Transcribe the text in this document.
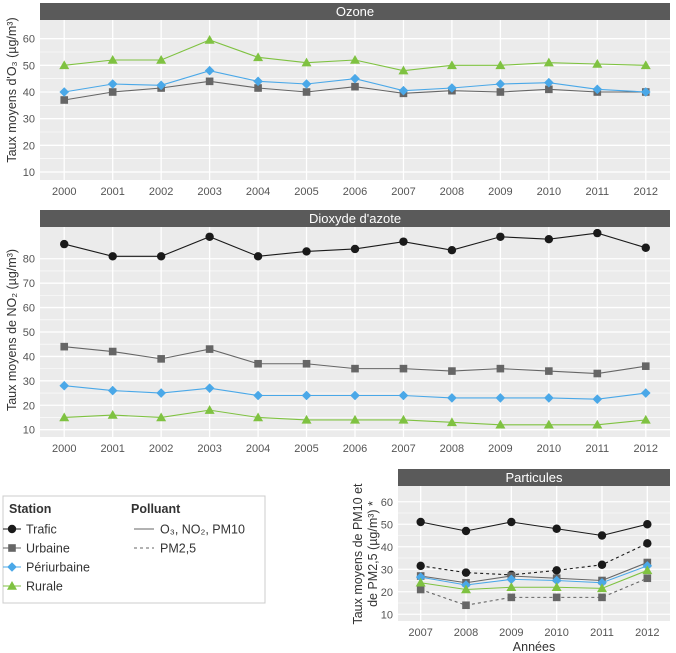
Ozone
10
20
30
40
50
60
2000 2001 2002 2003 2004 2005 2006 2007 2008 2009 2010 2011 2012
Taux moyens d'O₃ (µg/m³)
Dioxyde d'azote
10
20
30
40
50
60
70
80
2000 2001 2002 2003 2004 2005 2006 2007 2008 2009 2010 2011 2012
Taux moyens de NO₂ (µg/m³)
Particules
10
20
30
40
50
60
2007 2008 2009 2010 2011 2012
Taux moyens de PM10 etde PM2,5 (µg/m³) *
Années
Station
Trafic
Urbaine
Périurbaine
Rurale
Polluant
O₃, NO₂, PM10
PM2,5
